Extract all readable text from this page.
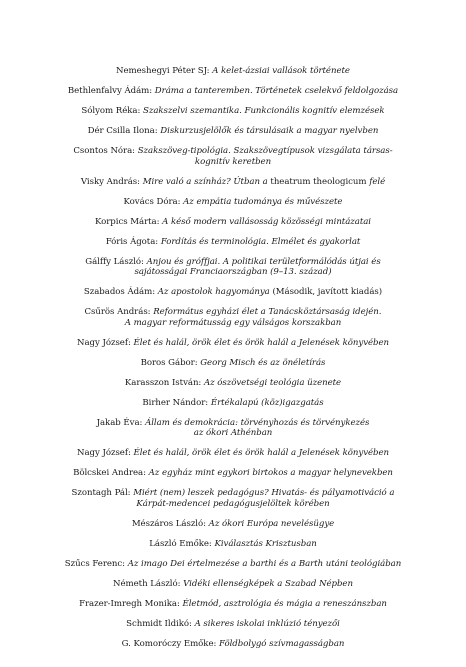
Nemeshegyi Péter SJ: A kelet-ázsiai vallások története
Bethlenfalvy Ádám: Dráma a tanteremben. Történetek cselekvő feldolgozása
Sólyom Réka: Szakszelvi szemantika. Funkcionális kognitív elemzések
Dér Csilla Ilona: Diskurzusjelölők és társulásaik a magyar nyelvben
Csontos Nóra: Szakszöveg-tipológia. Szakszövegtípusok vizsgálata társas-
kognitív keretben
Visky András: Mire való a színház? Útban a theatrum theologicum felé
Kovács Dóra: Az empátia tudománya és művészete
Korpics Márta: A késő modern vallásosság közösségi mintázatai
Fóris Ágota: Fordítás és terminológia. Elmélet és gyakorlat
Gálffy László: Anjou és gróffjai. A politikai területformálódás útjai és
sajátosságai Franciaországban (9–13. század)
Szabados Ádám: Az apostolok hagyománya (Második, javított kiadás)
Csűrös András: Református egyházi élet a Tanácsköztársaság idején.
A magyar reformátusság egy válságos korszakban
Nagy József: Élet és halál, örök élet és örök halál a Jelenések könyvében
Boros Gábor: Georg Misch és az önéletírás
Karasszon István: Az ószövetségi teológia üzenete
Birher Nándor: Értékalapú (köz)igazgatás
Jakab Éva: Állam és demokrácia: törvényhozás és törvénykezés
az ókori Athénban
Nagy József: Élet és halál, örök élet és örök halál a Jelenések könyvében
Bölcskei Andrea: Az egyház mint egykori birtokos a magyar helynevekben
Szontagh Pál: Miért (nem) leszek pedagógus? Hivatás- és pályamotiváció a
Kárpát-medencei pedagógusjelöltek körében
Mészáros László: Az ókori Európa nevelésügye
László Emőke: Kiválasztás Krisztusban
Szűcs Ferenc: Az imago Dei értelmezése a barthi és a Barth utáni teológiában
Németh László: Vidéki ellenségképek a Szabad Népben
Frazer-Imregh Monika: Életmód, asztrológia és mágia a reneszánszban
Schmidt Ildikó: A sikeres iskolai inklúzió tényezői
G. Komoróczy Emőke: Földbolygó szívmagasságban
